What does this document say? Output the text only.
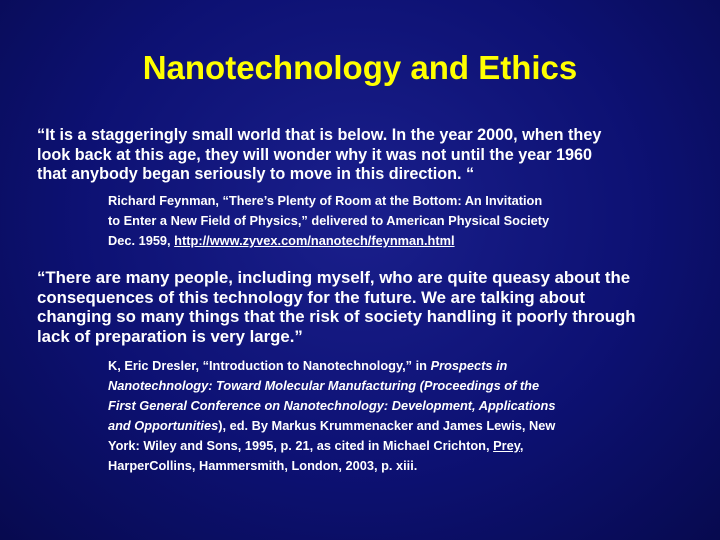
Nanotechnology and Ethics
“It is a staggeringly small world that is below. In the year 2000, when they
look back at this age, they will wonder why it was not until the year 1960
that anybody began seriously to move in this direction. “
Richard Feynman, “There’s Plenty of Room at the Bottom: An Invitation
to Enter a New Field of Physics,” delivered to American Physical Society
Dec. 1959, http://www.zyvex.com/nanotech/feynman.html
“There are many people, including myself, who are quite queasy about the
consequences of this technology for the future. We are talking about
changing so many things that the risk of society handling it poorly through
lack of preparation is very large.”
K, Eric Dresler, “Introduction to Nanotechnology,” in Prospects in
Nanotechnology: Toward Molecular Manufacturing (Proceedings of the
First General Conference on Nanotechnology: Development, Applications
and Opportunities), ed. By Markus Krummenacker and James Lewis, New
York: Wiley and Sons, 1995, p. 21, as cited in Michael Crichton, Prey,
HarperCollins, Hammersmith, London, 2003, p. xiii.
